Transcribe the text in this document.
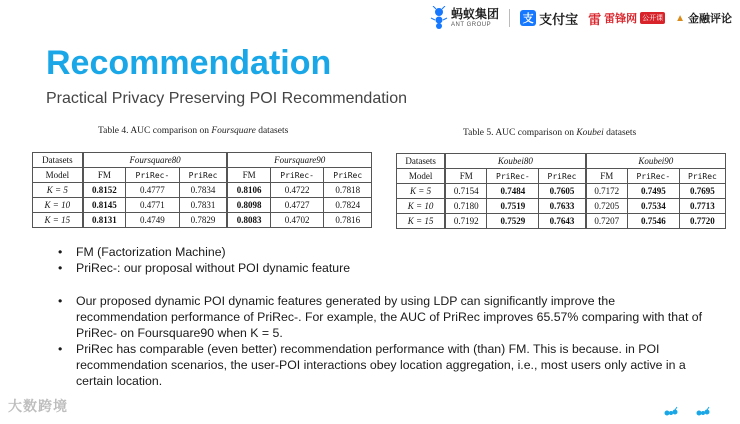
蚂蚁集团
ANT GROUP	支 支付宝 雷 雷锋网 公开课 ▲ 金融评论
Recommendation
Practical Privacy Preserving POI Recommendation
Table 4. AUC comparison on Foursquare datasets
Datasets	Foursquare80			Foursquare90		
Model	FM	PriRec-	PriRec	FM	PriRec-	PriRec
K = 5	0.8152	0.4777	0.7834	0.8106	0.4722	0.7818
K = 10	0.8145	0.4771	0.7831	0.8098	0.4727	0.7824
K = 15	0.8131	0.4749	0.7829	0.8083	0.4702	0.7816
Table 5. AUC comparison on Koubei datasets
Datasets	Koubei80			Koubei90		
Model	FM	PriRec-	PriRec	FM	PriRec-	PriRec
K = 5	0.7154	0.7484	0.7605	0.7172	0.7495	0.7695
K = 10	0.7180	0.7519	0.7633	0.7205	0.7534	0.7713
K = 15	0.7192	0.7529	0.7643	0.7207	0.7546	0.7720
•	FM (Factorization Machine)
•	PriRec-: our proposal without POI dynamic feature
•	Our proposed dynamic POI dynamic features generated by using LDP can significantly improve the recommendation performance of PriRec-. For example, the AUC of PriRec improves 65.57% comparing with that of PriRec- on Foursquare90 when K = 5.
•	PriRec has comparable (even better) recommendation performance with (than) FM. This is because. in POI recommendation scenarios, the user-POI interactions obey location aggregation, i.e., most users only active in a certain location.
大数跨境
